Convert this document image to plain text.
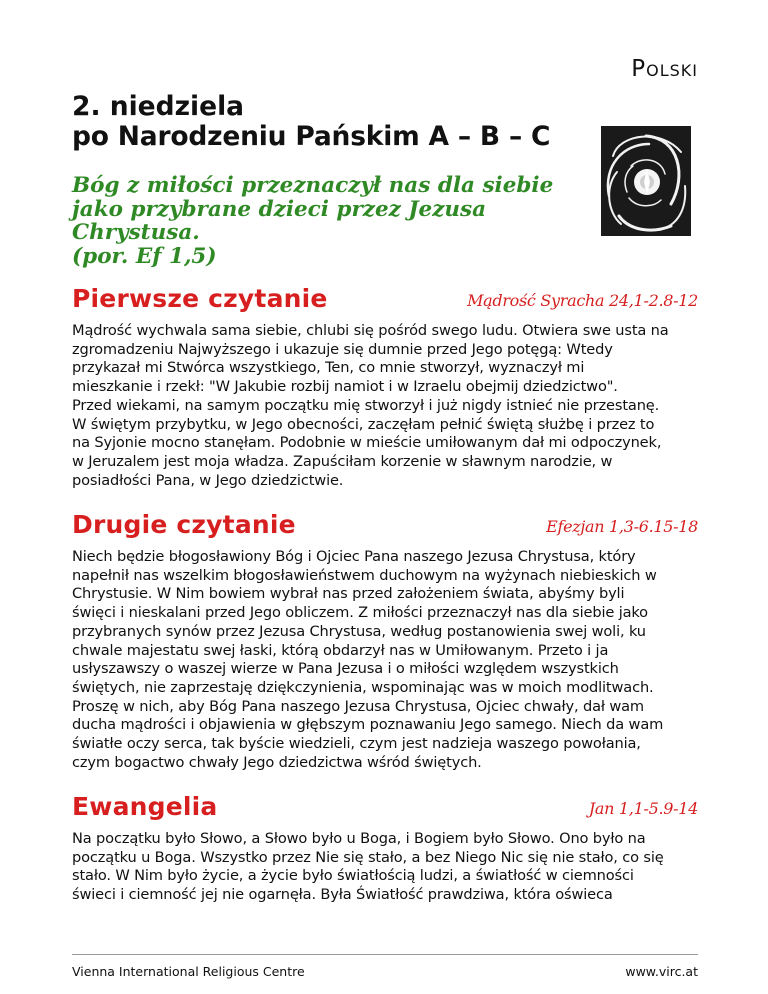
Polski
2. niedziela
po Narodzeniu Pańskim A – B – C
Bóg z miłości przeznaczył nas dla siebie
jako przybrane dzieci przez Jezusa Chrystusa.
(por. Ef 1,5)
Pierwsze czytanie	Mądrość Syracha 24,1-2.8-12
Mądrość wychwala sama siebie, chlubi się pośród swego ludu. Otwiera swe usta na
zgromadzeniu Najwyższego i ukazuje się dumnie przed Jego potęgą: Wtedy
przykazał mi Stwórca wszystkiego, Ten, co mnie stworzył, wyznaczył mi
mieszkanie i rzekł: "W Jakubie rozbij namiot i w Izraelu obejmij dziedzictwo".
Przed wiekami, na samym początku mię stworzył i już nigdy istnieć nie przestanę.
W świętym przybytku, w Jego obecności, zaczęłam pełnić świętą służbę i przez to
na Syjonie mocno stanęłam. Podobnie w mieście umiłowanym dał mi odpoczynek,
w Jeruzalem jest moja władza. Zapuściłam korzenie w sławnym narodzie, w
posiadłości Pana, w Jego dziedzictwie.
Drugie czytanie	Efezjan 1,3-6.15-18
Niech będzie błogosławiony Bóg i Ojciec Pana naszego Jezusa Chrystusa, który
napełnił nas wszelkim błogosławieństwem duchowym na wyżynach niebieskich w
Chrystusie. W Nim bowiem wybrał nas przed założeniem świata, abyśmy byli
święci i nieskalani przed Jego obliczem. Z miłości przeznaczył nas dla siebie jako
przybranych synów przez Jezusa Chrystusa, według postanowienia swej woli, ku
chwale majestatu swej łaski, którą obdarzył nas w Umiłowanym. Przeto i ja
usłyszawszy o waszej wierze w Pana Jezusa i o miłości względem wszystkich
świętych, nie zaprzestaję dziękczynienia, wspominając was w moich modlitwach.
Proszę w nich, aby Bóg Pana naszego Jezusa Chrystusa, Ojciec chwały, dał wam
ducha mądrości i objawienia w głębszym poznawaniu Jego samego. Niech da wam
światłe oczy serca, tak byście wiedzieli, czym jest nadzieja waszego powołania,
czym bogactwo chwały Jego dziedzictwa wśród świętych.
Ewangelia	Jan 1,1-5.9-14
Na początku było Słowo, a Słowo było u Boga, i Bogiem było Słowo. Ono było na
początku u Boga. Wszystko przez Nie się stało, a bez Niego Nic się nie stało, co się
stało. W Nim było życie, a życie było światłością ludzi, a światłość w ciemności
świeci i ciemność jej nie ogarnęła. Była Światłość prawdziwa, która oświeca
Vienna International Religious Centre	www.virc.at
